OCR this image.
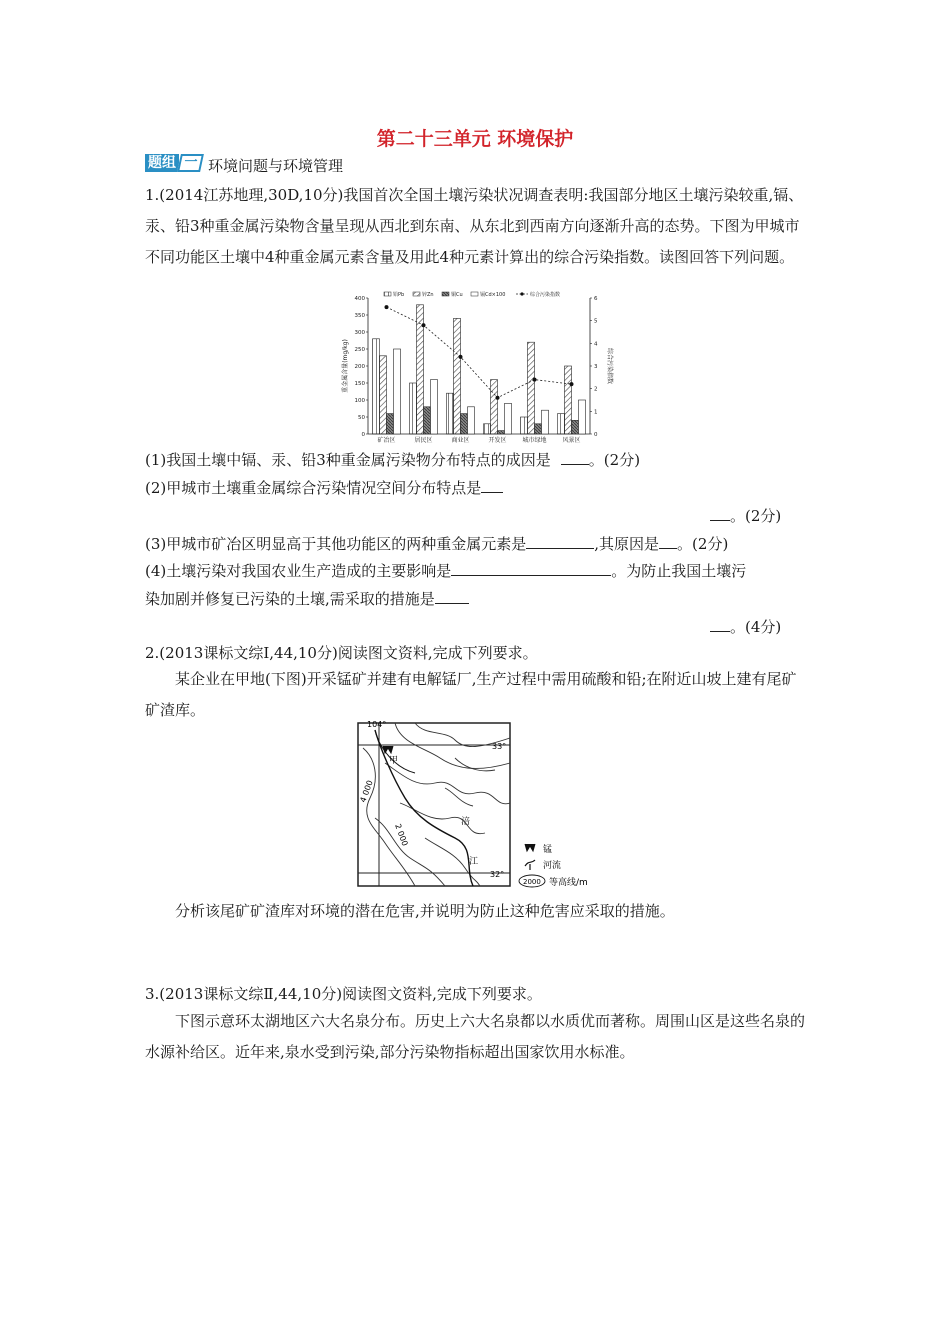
第二十三单元 环境保护
题组 一 环境问题与环境管理

1.(2014江苏地理,30D,10分)我国首次全国土壤污染状况调查表明:我国部分地区土壤污染较重,镉、汞、铅3种重金属污染物含量呈现从西北到东南、从东北到西南方向逐渐升高的态势。下图为甲城市不同功能区土壤中4种重金属元素含量及用此4种元素计算出的综合污染指数。读图回答下列问题。

0
50
100
150
200
250
300
350
400
0
1
2
3
4
5
6
重金属含量(mg/kg)	综合污染指数
矿冶区	居民区	商业区	开发区	城市绿地	风景区
铅Pb	锌Zn	铜Cu	镉Cd×100	综合污染指数
(1)我国土壤中镉、汞、铅3种重金属污染物分布特点的成因是	。(2分)
(2)甲城市土壤重金属综合污染情况空间分布特点是
。(2分)
(3)甲城市矿冶区明显高于其他功能区的两种重金属元素是	,其原因是 。(2分)
(4)土壤污染对我国农业生产造成的主要影响是	。为防止我国土壤污
染加剧并修复已污染的土壤,需采取的措施是
。(4分)
2.(2013课标文综Ⅰ,44,10分)阅读图文资料,完成下列要求。

某企业在甲地(下图)开采锰矿并建有电解锰厂,生产过程中需用硫酸和铅;在附近山坡上建有尾矿矿渣库。

104°
33°
32°
甲
涪
江
4 000
2 000
锰
河流
2000 等高线/m
分析该尾矿矿渣库对环境的潜在危害,并说明为防止这种危害应采取的措施。
3.(2013课标文综Ⅱ,44,10分)阅读图文资料,完成下列要求。

下图示意环太湖地区六大名泉分布。历史上六大名泉都以水质优而著称。周围山区是这些名泉的水源补给区。近年来,泉水受到污染,部分污染物指标超出国家饮用水标准。
